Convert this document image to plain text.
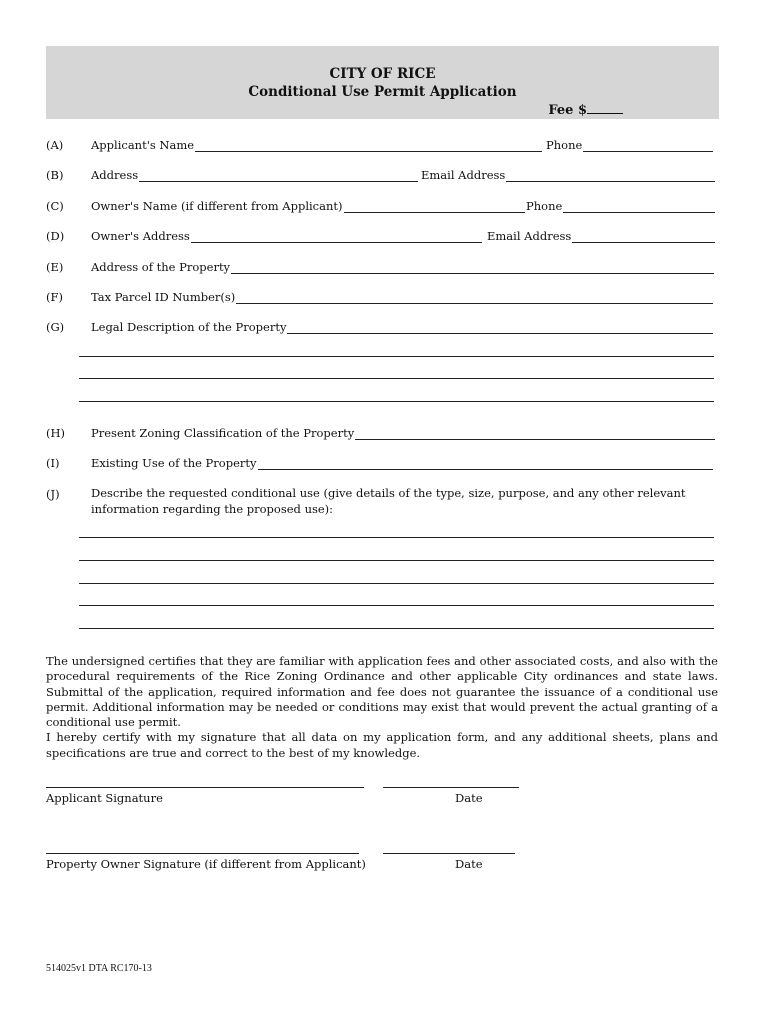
CITY OF RICE
Conditional Use Permit Application
Fee $
(A) Applicant's Name	Phone
(B) Address	Email Address
(C) Owner's Name (if different from Applicant)	Phone
(D) Owner's Address	Email Address
(E) Address of the Property
(F) Tax Parcel ID Number(s)
(G) Legal Description of the Property
(H) Present Zoning Classification of the Property
(I)	Existing Use of the Property
(J)	Describe the requested conditional use (give details of the type, size, purpose, and any other relevant information regarding the proposed use):
The undersigned certifies that they are familiar with application fees and other associated costs, and also with the procedural requirements of the Rice Zoning Ordinance and other applicable City ordinances and state laws. Submittal of the application, required information and fee does not guarantee the issuance of a conditional use permit. Additional information may be needed or conditions may exist that would prevent the actual granting of a conditional use permit.
I hereby certify with my signature that all data on my application form, and any additional sheets, plans and specifications are true and correct to the best of my knowledge.
Applicant Signature	Date
Property Owner Signature (if different from Applicant)	Date
514025v1 DTA RC170-13
